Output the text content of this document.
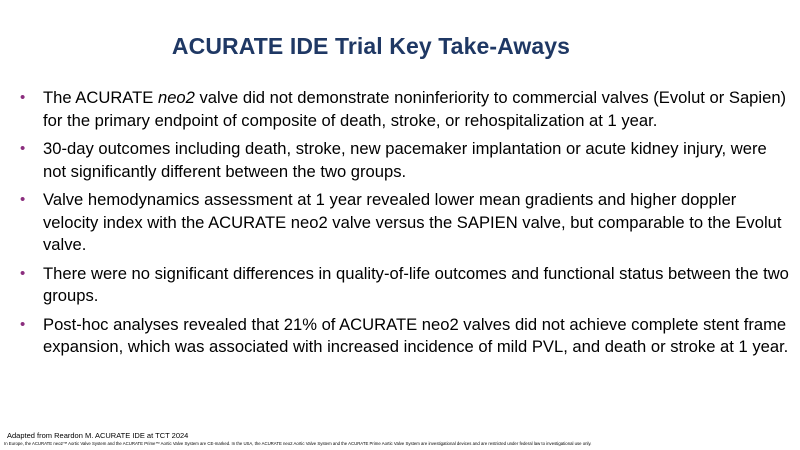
ACURATE IDE Trial Key Take-Aways
• The ACURATE neo2 valve did not demonstrate noninferiority to commercial valves (Evolut or Sapien) for the primary endpoint of composite of death, stroke, or rehospitalization at 1 year.
• 30-day outcomes including death, stroke, new pacemaker implantation or acute kidney injury, were not significantly different between the two groups.
• Valve hemodynamics assessment at 1 year revealed lower mean gradients and higher doppler velocity index with the ACURATE neo2 valve versus the SAPIEN valve, but comparable to the Evolut valve.
• There were no significant differences in quality-of-life outcomes and functional status between the two groups.
• Post-hoc analyses revealed that 21% of ACURATE neo2 valves did not achieve complete stent frame expansion, which was associated with increased incidence of mild PVL, and death or stroke at 1 year.
Adapted from Reardon M. ACURATE IDE at TCT 2024
In Europe, the ACURATE neo2™ Aortic Valve System and the ACURATE Prime™ Aortic Valve System are CE-marked. In the USA, the ACURATE neo2 Aortic Valve System and the ACURATE Prime Aortic Valve System are investigational devices and are restricted under federal law to investigational use only.
